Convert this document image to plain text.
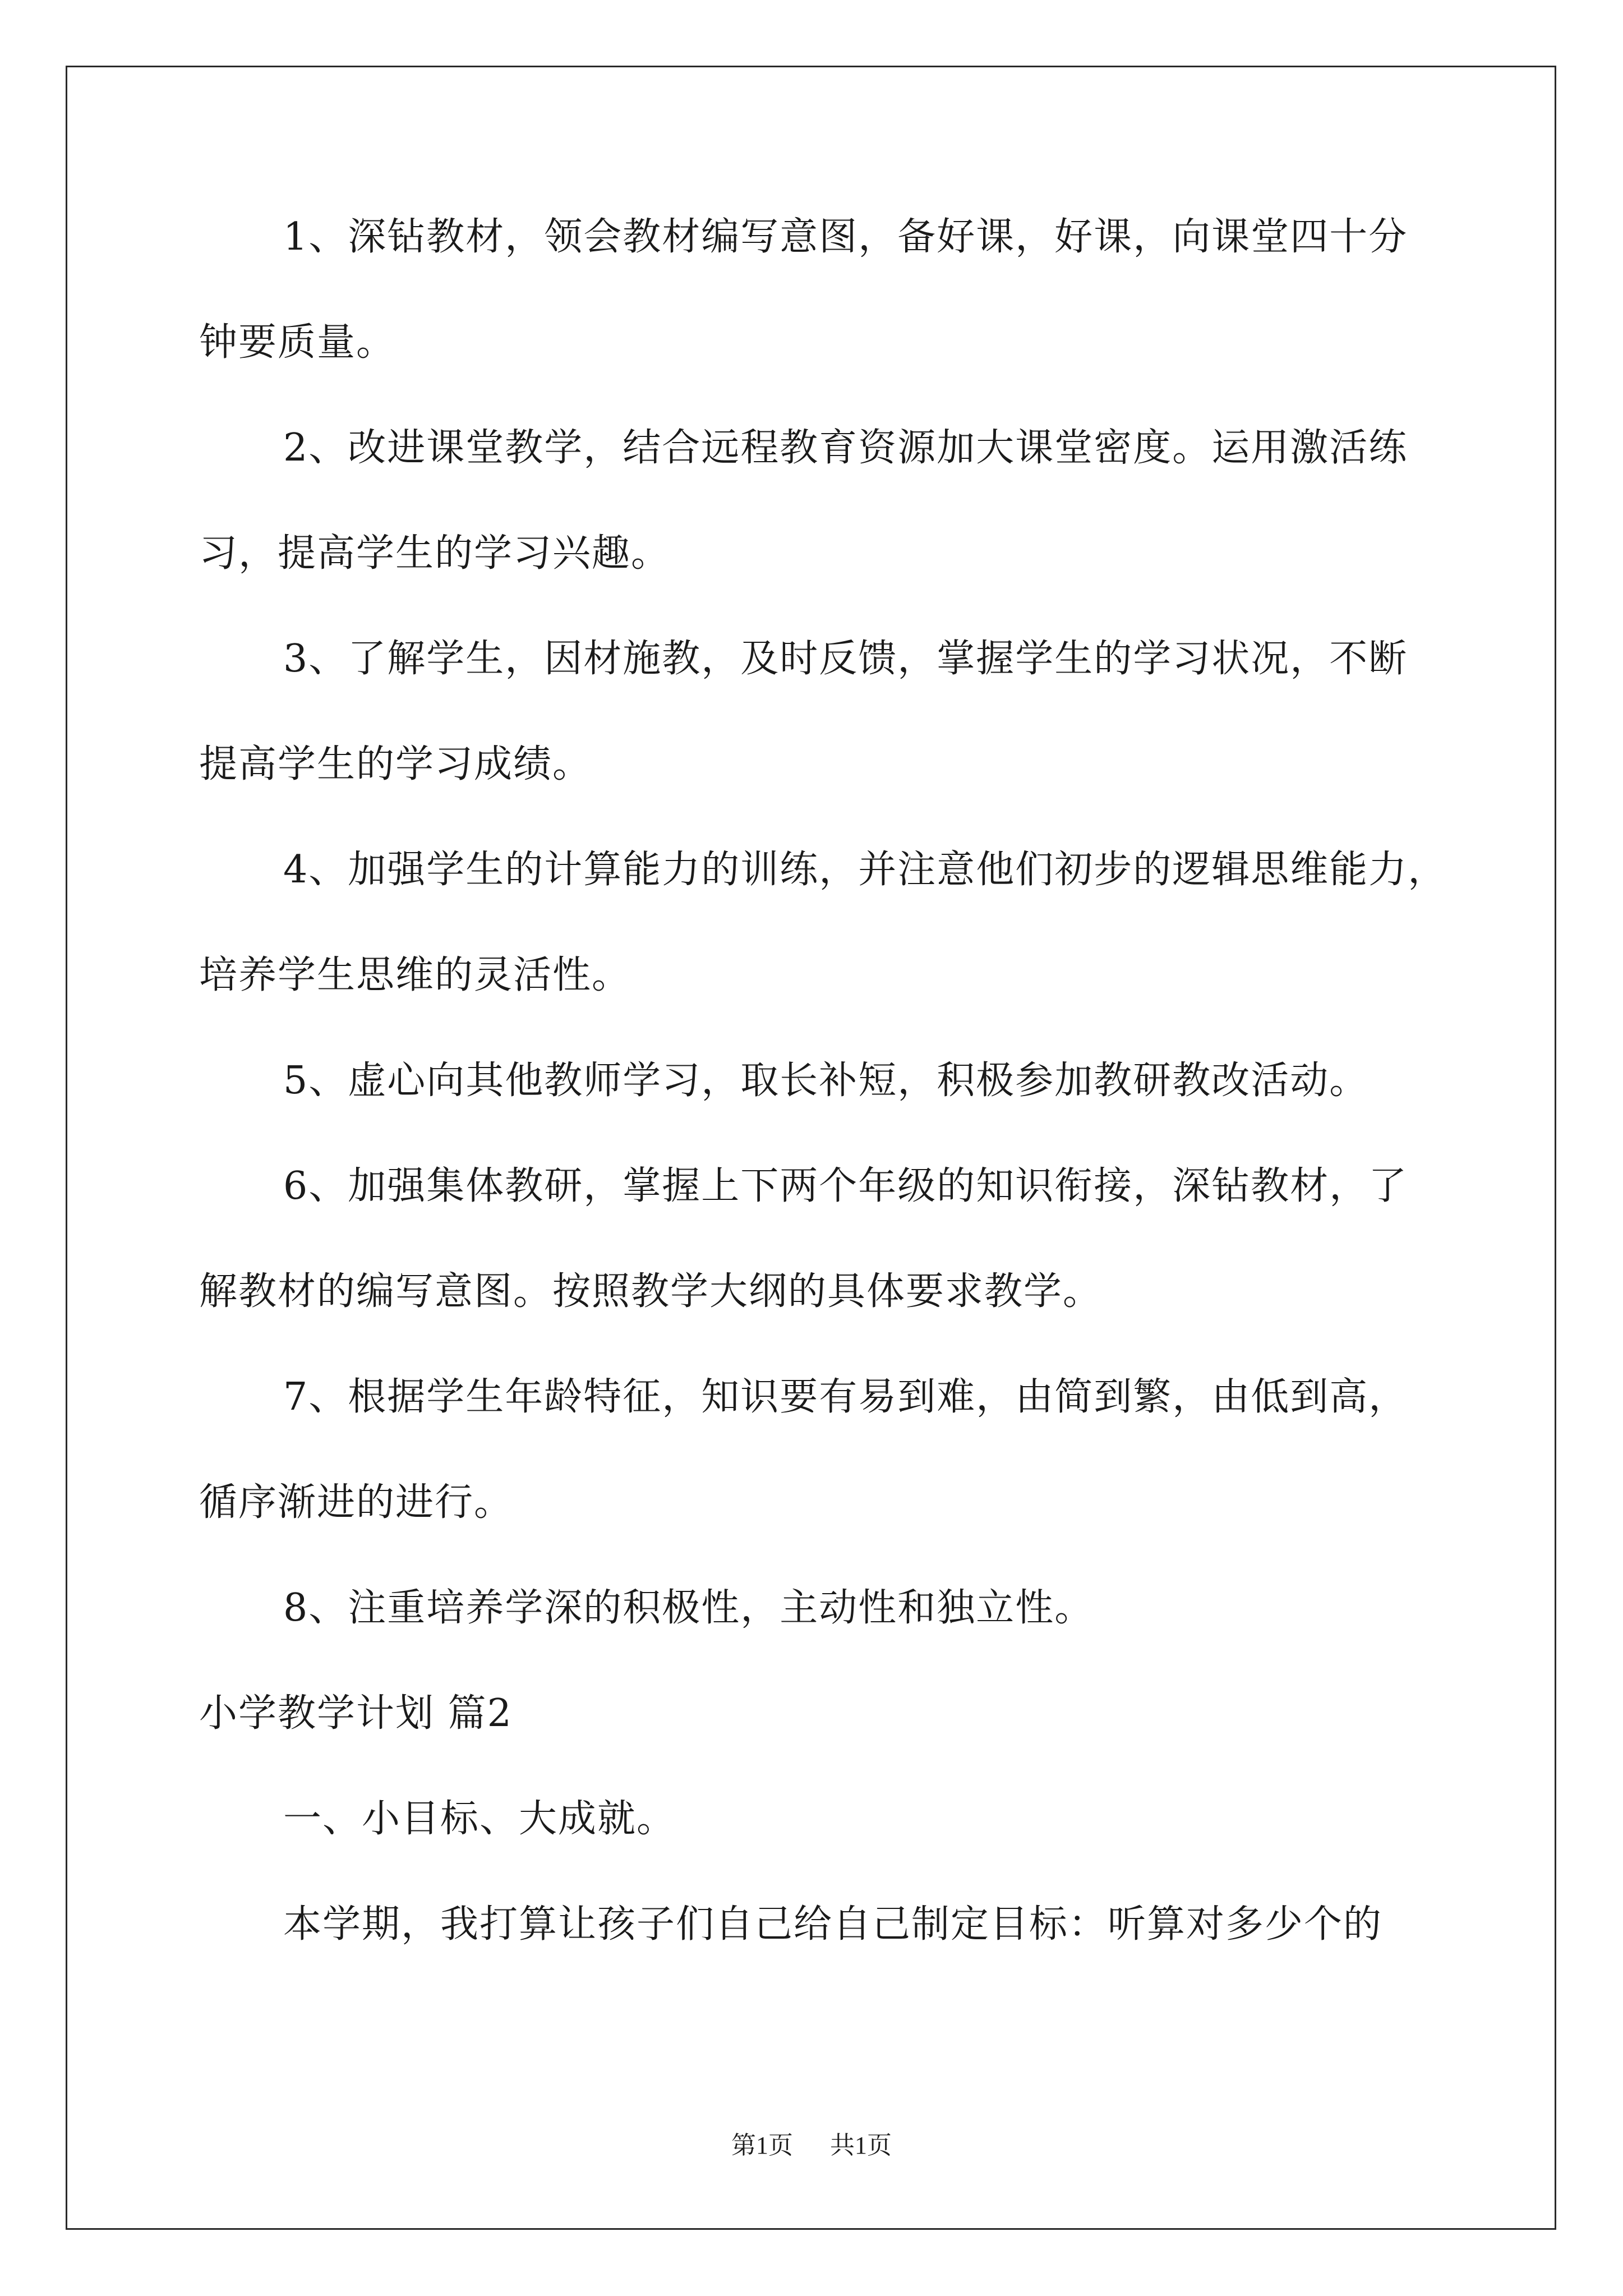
1、深钻教材，领会教材编写意图，备好课，好课，向课堂四十分
钟要质量。
2、改进课堂教学，结合远程教育资源加大课堂密度。运用激活练
习，提高学生的学习兴趣。
3、了解学生，因材施教，及时反馈，掌握学生的学习状况，不断
提高学生的学习成绩。
4、加强学生的计算能力的训练，并注意他们初步的逻辑思维能力，
培养学生思维的灵活性。
5、虚心向其他教师学习，取长补短，积极参加教研教改活动。
6、加强集体教研，掌握上下两个年级的知识衔接，深钻教材，了
解教材的编写意图。按照教学大纲的具体要求教学。
7、根据学生年龄特征，知识要有易到难，由简到繁，由低到高，
循序渐进的进行。
8、注重培养学深的积极性，主动性和独立性。
小学教学计划 篇2
一、小目标、大成就。
本学期，我打算让孩子们自己给自己制定目标：听算对多少个的
第1页 共1页
